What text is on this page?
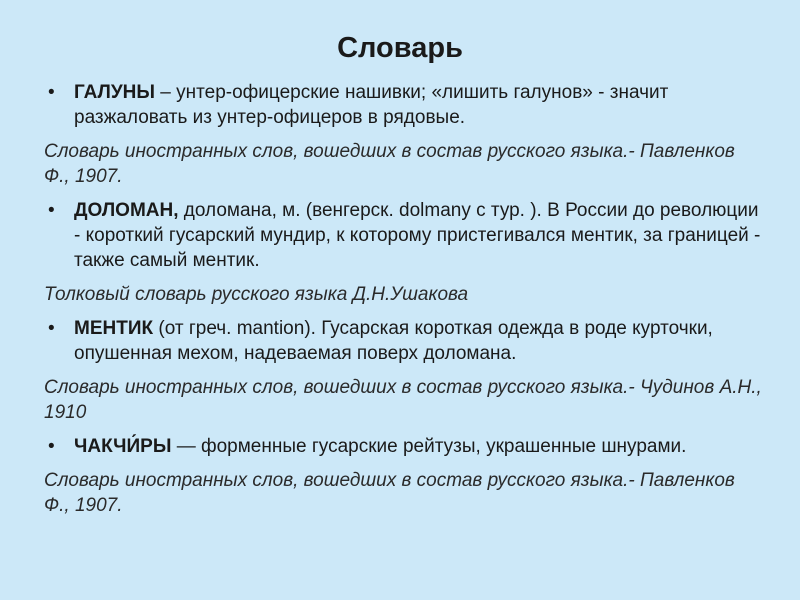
Словарь
• ГАЛУНЫ – унтер-офицерские нашивки; «лишить галунов» - значит разжаловать из унтер-офицеров в рядовые.
Словарь иностранных слов, вошедших в состав русского языка.- Павленков Ф., 1907.
• ДОЛОМАН, доломана, м. (венгерск. dolmany с тур. ). В России до революции - короткий гусарский мундир, к которому пристегивался ментик, за границей - также самый ментик.
Толковый словарь русского языка Д.Н.Ушакова
• МЕНТИК (от греч. mantion). Гусарская короткая одежда в роде курточки, опушенная мехом, надеваемая поверх доломана.
Словарь иностранных слов, вошедших в состав русского языка.- Чудинов А.Н., 1910
• ЧАКЧИ́РЫ — форменные гусарские рейтузы, украшенные шнурами.
Словарь иностранных слов, вошедших в состав русского языка.- Павленков Ф., 1907.
